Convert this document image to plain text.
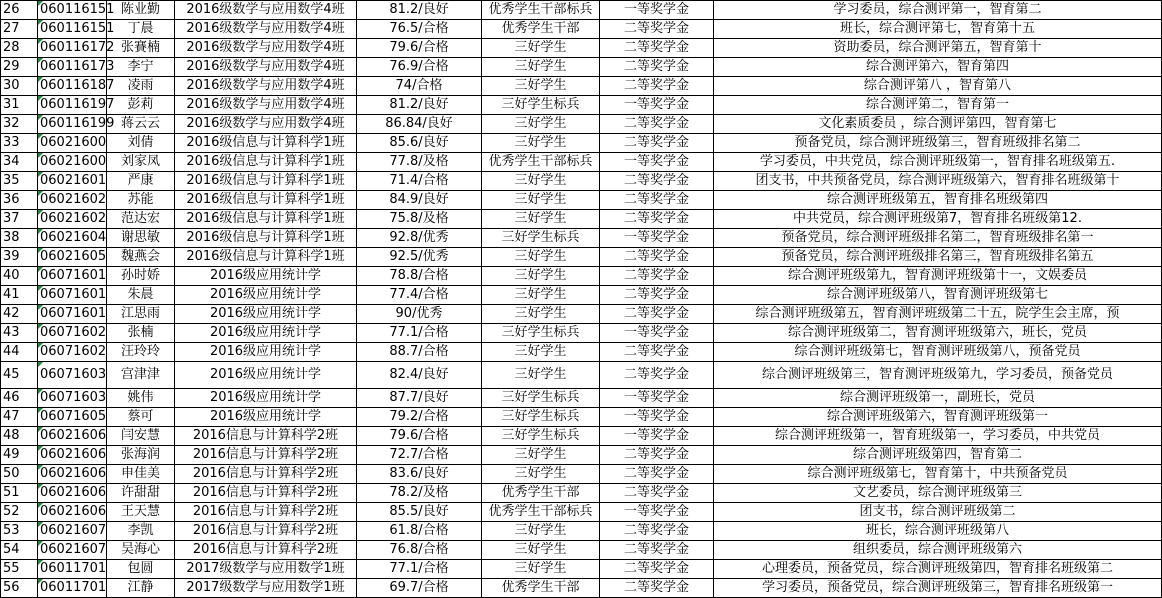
26	060116151	陈业勤	2016级数学与应用数学4班	81.2/良好	优秀学生干部标兵	一等奖学金	学习委员，综合测评第一，智育第二
27	060116151	丁晨	2016级数学与应用数学4班	76.5/合格	优秀学生干部	二等奖学金	班长，综合测评第七，智育第十五
28	060116172	张賽楠	2016级数学与应用数学4班	79.6/合格	三好学生	二等奖学金	资助委员，综合测评第五，智育第十
29	060116173	李宁	2016级数学与应用数学4班	76.9/合格	三好学生	二等奖学金	综合测评第六，智育第四
30	060116187	凌雨	2016级数学与应用数学4班	74/合格	三好学生	二等奖学金	综合测评第八 ，智育第八
31	060116197	彭莉	2016级数学与应用数学4班	81.2/良好	三好学生标兵	一等奖学金	综合测评第二，智育第一
32	060116199	蒋云云	2016级数学与应用数学4班	86.84/良好	三好学生	二等奖学金	文化素质委员 ，综合测评第四，智育第七
33	06021600	刘倩	2016级信息与计算科学1班	85.6/良好	三好学生	二等奖学金	预备党员，综合测评班级第三，智育班级排名第二
34	06021600	刘家凤	2016级信息与计算科学1班	77.8/及格	优秀学生干部标兵	一等奖学金	学习委员，中共党员，综合测评班级第一，智育排名班级第五.
35	06021601	严康	2016级信息与计算科学1班	71.4/合格	三好学生	二等奖学金	团支书，中共预备党员，综合测评班级第六，智育排名班级第十
36	06021602	苏能	2016级信息与计算科学1班	84.9/良好	三好学生	二等奖学金	综合测评班级第五，智育排名班级第四
37	06021602	范达宏	2016级信息与计算科学1班	75.8/及格	三好学生	二等奖学金	中共党员，综合测评班级第7，智育排名班级第12.
38	06021604	谢思敏	2016级信息与计算科学1班	92.8/优秀	三好学生标兵	一等奖学金	预备党员，综合测评班级排名第二，智育班级排名第一
39	06021605	魏燕会	2016级信息与计算科学1班	92.5/优秀	三好学生	二等奖学金	预备党员，综合测评班级排名第三，智育班级排名第五
40	06071601	孙时娇	2016级应用统计学	78.8/合格	三好学生	二等奖学金	综合测评班级第九，智育测评班级第十一，文娱委员
41	06071601	朱晨	2016级应用统计学	77.4/合格	三好学生	二等奖学金	综合测评班级第八，智育测评班级第七
42	06071601	江思雨	2016级应用统计学	90/优秀	三好学生	二等奖学金	综合测评班级第五，智育测评班级第二十五，院学生会主席，预
43	06071602	张楠	2016级应用统计学	77.1/合格	三好学生标兵	一等奖学金	综合测评班级第二，智育测评班级第六，班长，党员
44	06071602	汪玲玲	2016级应用统计学	88.7/合格	三好学生	二等奖学金	综合测评班级第七，智育测评班级第八，预备党员
45	06071603	宫津津	2016级应用统计学	82.4/良好	三好学生	二等奖学金	综合测评班级第三，智育测评班级第九，学习委员，预备党员
46	06071603	姚伟	2016级应用统计学	87.7/良好	三好学生标兵	一等奖学金	综合测评班级第一，副班长，党员
47	06071605	蔡可	2016级应用统计学	79.2/合格	三好学生标兵	一等奖学金	综合测评班级第六，智育测评班级第一
48	06021606	闫安慧	2016信息与计算科学2班	79.6/合格	三好学生标兵	一等奖学金	综合测评班级第一，智育班级第一，学习委员，中共党员
49	06021606	张海润	2016信息与计算科学2班	72.7/合格	三好学生	二等奖学金	综合测评班级第四，智育第二
50	06021606	申佳美	2016信息与计算科学2班	83.6/良好	三好学生	二等奖学金	综合测评班级第七，智育第十，中共预备党员
51	06021606	许甜甜	2016信息与计算科学2班	78.2/及格	优秀学生干部	二等奖学金	文艺委员，综合测评班级第三
52	06021606	王天慧	2016信息与计算科学2班	85.5/良好	优秀学生干部标兵	一等奖学金	团支书，综合测评班级第二
53	06021607	李凯	2016信息与计算科学2班	61.8/合格	三好学生	二等奖学金	班长，综合测评班级第八
54	06021607	吴海心	2016信息与计算科学2班	76.8/合格	三好学生	二等奖学金	组织委员，综合测评班级第六
55	06011701	包圆	2017级数学与应用数学1班	77.1/合格	三好学生	二等奖学金	心理委员，预备党员，综合测评班级第四，智育排名班级第二
56	06011701	江静	2017级数学与应用数学1班	69.7/合格	优秀学生干部	二等奖学金	学习委员，预备党员，综合测评班级第三，智育排名班级第一
